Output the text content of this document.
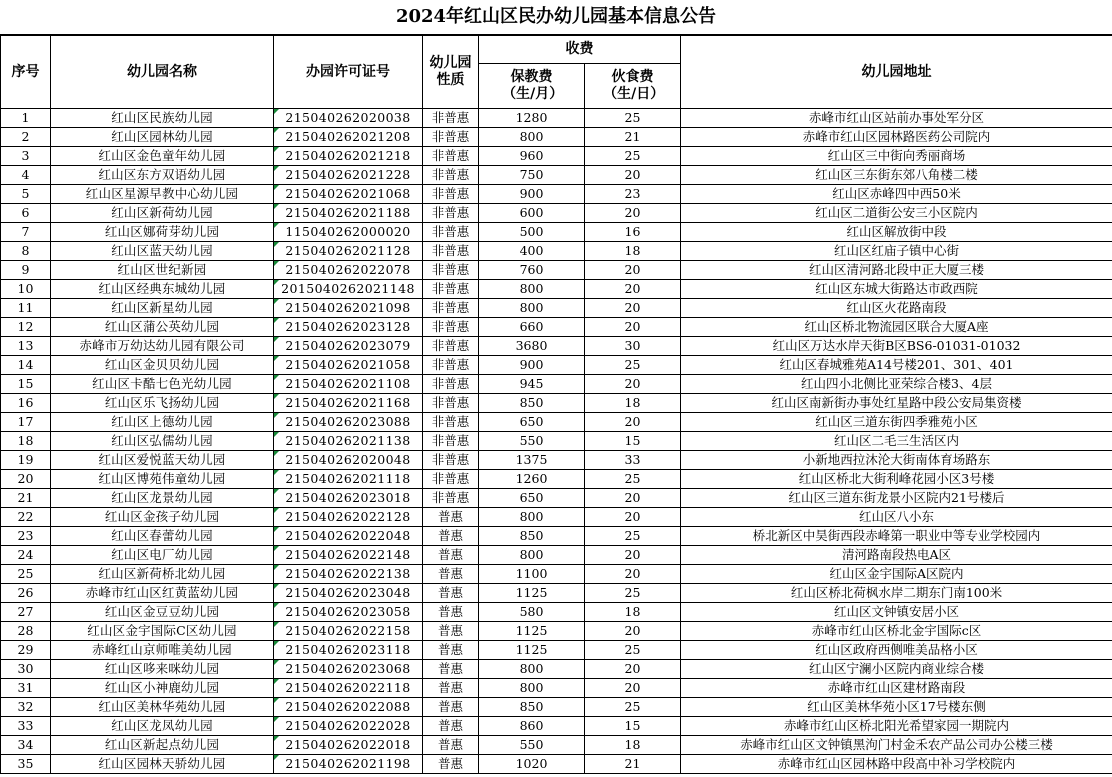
2024年红山区民办幼儿园基本信息公告
序号	幼儿园名称	办园许可证号	幼儿园性质	收费		幼儿园地址
				保教费（生/月）	伙食费（生/日）	
1	红山区民族幼儿园	215040262020038	非普惠	1280	25	赤峰市红山区站前办事处军分区
2	红山区园林幼儿园	215040262021208	非普惠	800	21	赤峰市红山区园林路医药公司院内
3	红山区金色童年幼儿园	215040262021218	非普惠	960	25	红山区三中街向秀丽商场
4	红山区东方双语幼儿园	215040262021228	非普惠	750	20	红山区三东街东郊八角楼二楼
5	红山区星源早教中心幼儿园	215040262021068	非普惠	900	23	红山区赤峰四中西50米
6	红山区新荷幼儿园	215040262021188	非普惠	600	20	红山区二道街公安三小区院内
7	红山区娜荷芽幼儿园	115040262000020	非普惠	500	16	红山区解放街中段
8	红山区蓝天幼儿园	215040262021128	非普惠	400	18	红山区红庙子镇中心街
9	红山区世纪新园	215040262022078	非普惠	760	20	红山区清河路北段中正大厦三楼
10	红山区经典东城幼儿园	2015040262021148	非普惠	800	20	红山区东城大街路达市政西院
11	红山区新星幼儿园	215040262021098	非普惠	800	20	红山区火花路南段
12	红山区蒲公英幼儿园	215040262023128	非普惠	660	20	红山区桥北物流园区联合大厦A座
13	赤峰市万幼达幼儿园有限公司	215040262023079	非普惠	3680	30	红山区万达水岸天街B区BS6-01031-01032
14	红山区金贝贝幼儿园	215040262021058	非普惠	900	25	红山区春城雅苑A14号楼201、301、401
15	红山区卡酷七色光幼儿园	215040262021108	非普惠	945	20	红山四小北侧比亚荣综合楼3、4层
16	红山区乐飞扬幼儿园	215040262021168	非普惠	850	18	红山区南新街办事处红星路中段公安局集资楼
17	红山区上德幼儿园	215040262023088	非普惠	650	20	红山区三道东街四季雅苑小区
18	红山区弘儒幼儿园	215040262021138	非普惠	550	15	红山区二毛三生活区内
19	红山区爱悦蓝天幼儿园	215040262020048	非普惠	1375	33	小新地西拉沐沦大街南体育场路东
20	红山区博苑伟童幼儿园	215040262021118	非普惠	1260	25	红山区桥北大街利峰花园小区3号楼
21	红山区龙景幼儿园	215040262023018	非普惠	650	20	红山区三道东街龙景小区院内21号楼后
22	红山区金孩子幼儿园	215040262022128	普惠	800	20	红山区八小东
23	红山区春蕾幼儿园	215040262022048	普惠	850	25	桥北新区中昊街西段赤峰第一职业中等专业学校园内
24	红山区电厂幼儿园	215040262022148	普惠	800	20	清河路南段热电A区
25	红山区新荷桥北幼儿园	215040262022138	普惠	1100	20	红山区金宇国际A区院内
26	赤峰市红山区红黄蓝幼儿园	215040262023048	普惠	1125	25	红山区桥北荷枫水岸二期东门南100米
27	红山区金豆豆幼儿园	215040262023058	普惠	580	18	红山区文钟镇安居小区
28	红山区金宇国际C区幼儿园	215040262022158	普惠	1125	20	赤峰市红山区桥北金宇国际c区
29	赤峰红山京师唯美幼儿园	215040262023118	普惠	1125	25	红山区政府西侧唯美品格小区
30	红山区哆来咪幼儿园	215040262023068	普惠	800	20	红山区宁澜小区院内商业综合楼
31	红山区小神鹿幼儿园	215040262022118	普惠	800	20	赤峰市红山区建材路南段
32	红山区美林华苑幼儿园	215040262022088	普惠	850	25	红山区美林华苑小区17号楼东侧
33	红山区龙凤幼儿园	215040262022028	普惠	860	15	赤峰市红山区桥北阳光希望家园一期院内
34	红山区新起点幼儿园	215040262022018	普惠	550	18	赤峰市红山区文钟镇黑泃门村金禾农产品公司办公楼三楼
35	红山区园林天骄幼儿园	215040262021198	普惠	1020	21	赤峰市红山区园林路中段高中补习学校院内
